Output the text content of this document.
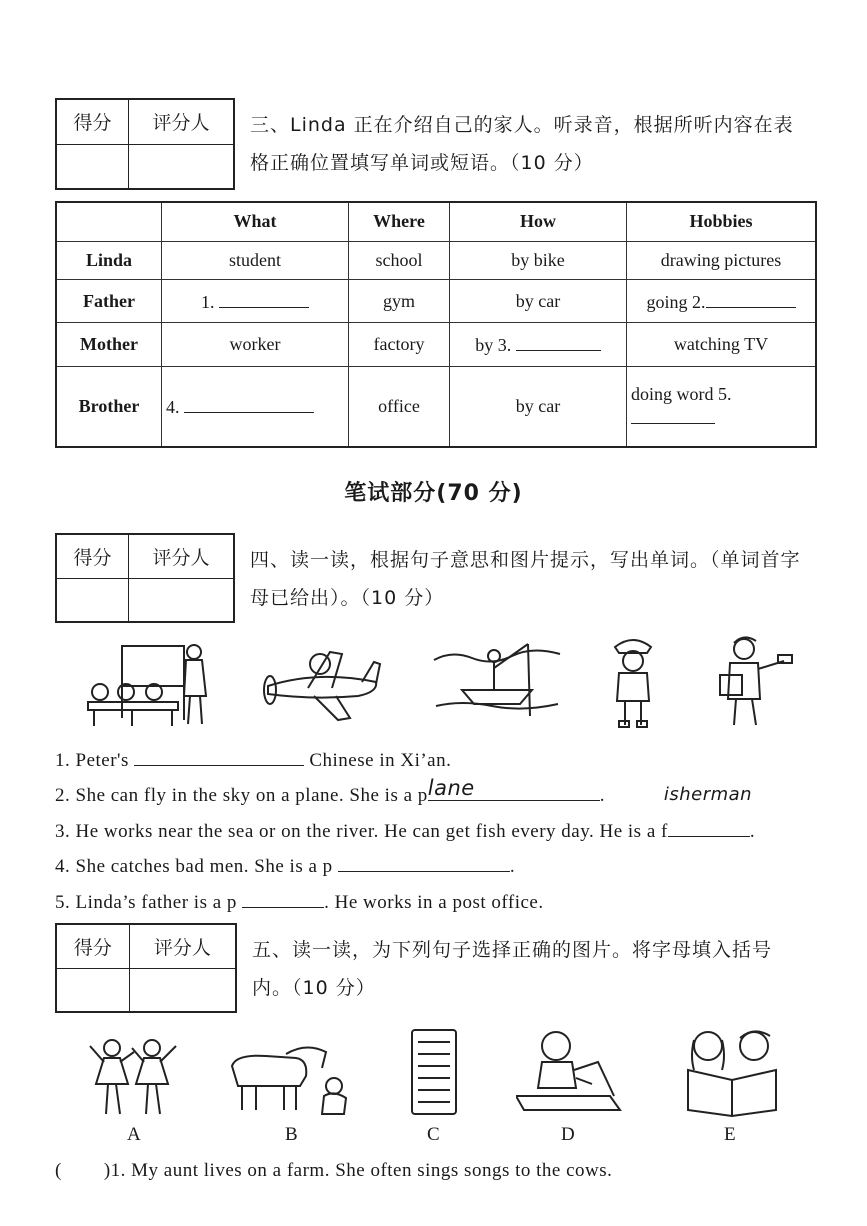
得分	评分人
	三、Linda 正在介绍自己的家人。听录音，根据所听内容在表
格正确位置填写单词或短语。（10 分）
	What	Where	How	Hobbies
Linda	student	school	by bike	drawing pictures
Father	1.	gym	by car	going 2.
Mother	worker	factory	by 3.	watching TV
Brother	4.	office	by car	doing word 5.
笔试部分(70 分)
得分	评分人
	四、读一读，根据句子意思和图片提示，写出单词。（单词首字
母已给出）。（10 分）
1. Peter's	Chinese in Xi’an.
2. She can fly in the sky on a plane. She is a plane	.
3. He works near the sea or on the river. He can get fish every day. He is a f
isherman
.
4. She catches bad men. She is a p	.
5. Linda’s father is a p	. He works in a post office.
得分	评分人
	五、读一读，为下列句子选择正确的图片。将字母填入括号
内。（10 分）
A	B	C	D	E
(        )1. My aunt lives on a farm. She often sings songs to the cows.
